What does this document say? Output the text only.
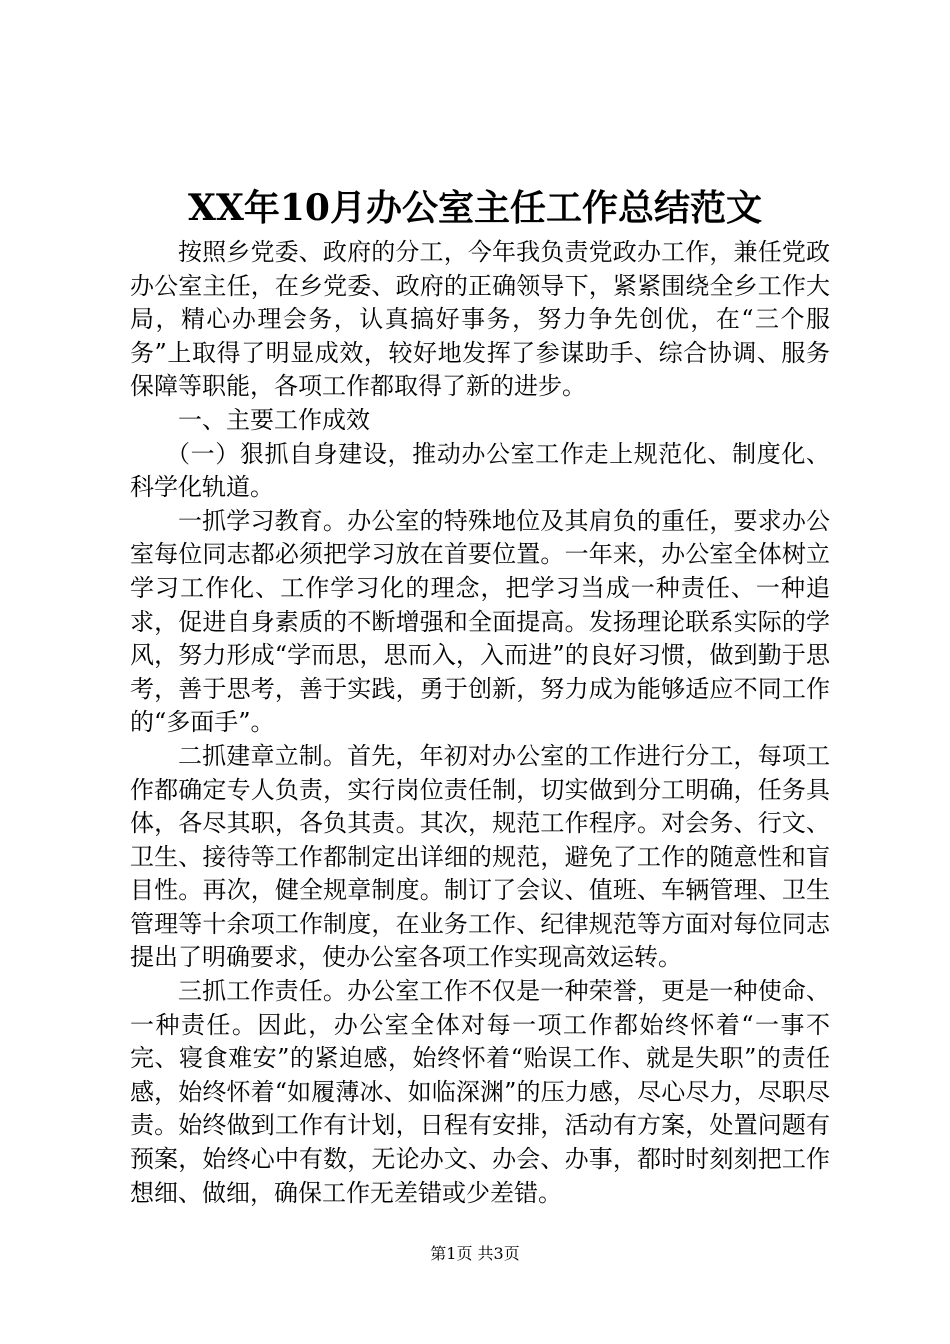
XX年10月办公室主任工作总结范文

按照乡党委、政府的分工，今年我负责党政办工作，兼任党政办公室主任，在乡党委、政府的正确领导下，紧紧围绕全乡工作大局，精心办理会务，认真搞好事务，努力争先创优，在“三个服务”上取得了明显成效，较好地发挥了参谋助手、综合协调、服务保障等职能，各项工作都取得了新的进步。

一、主要工作成效

（一）狠抓自身建设，推动办公室工作走上规范化、制度化、科学化轨道。

一抓学习教育。办公室的特殊地位及其肩负的重任，要求办公室每位同志都必须把学习放在首要位置。一年来，办公室全体树立学习工作化、工作学习化的理念，把学习当成一种责任、一种追求，促进自身素质的不断增强和全面提高。发扬理论联系实际的学风，努力形成“学而思，思而入，入而进”的良好习惯，做到勤于思考，善于思考，善于实践，勇于创新，努力成为能够适应不同工作的“多面手”。

二抓建章立制。首先，年初对办公室的工作进行分工，每项工作都确定专人负责，实行岗位责任制，切实做到分工明确，任务具体，各尽其职，各负其责。其次，规范工作程序。对会务、行文、卫生、接待等工作都制定出详细的规范，避免了工作的随意性和盲目性。再次，健全规章制度。制订了会议、值班、车辆管理、卫生管理等十余项工作制度，在业务工作、纪律规范等方面对每位同志提出了明确要求，使办公室各项工作实现高效运转。

三抓工作责任。办公室工作不仅是一种荣誉，更是一种使命、一种责任。因此，办公室全体对每一项工作都始终怀着“一事不完、寝食难安”的紧迫感，始终怀着“贻误工作、就是失职”的责任感，始终怀着“如履薄冰、如临深渊”的压力感，尽心尽力，尽职尽责。始终做到工作有计划，日程有安排，活动有方案，处置问题有预案，始终心中有数，无论办文、办会、办事，都时时刻刻把工作想细、做细，确保工作无差错或少差错。

第1页 共3页
